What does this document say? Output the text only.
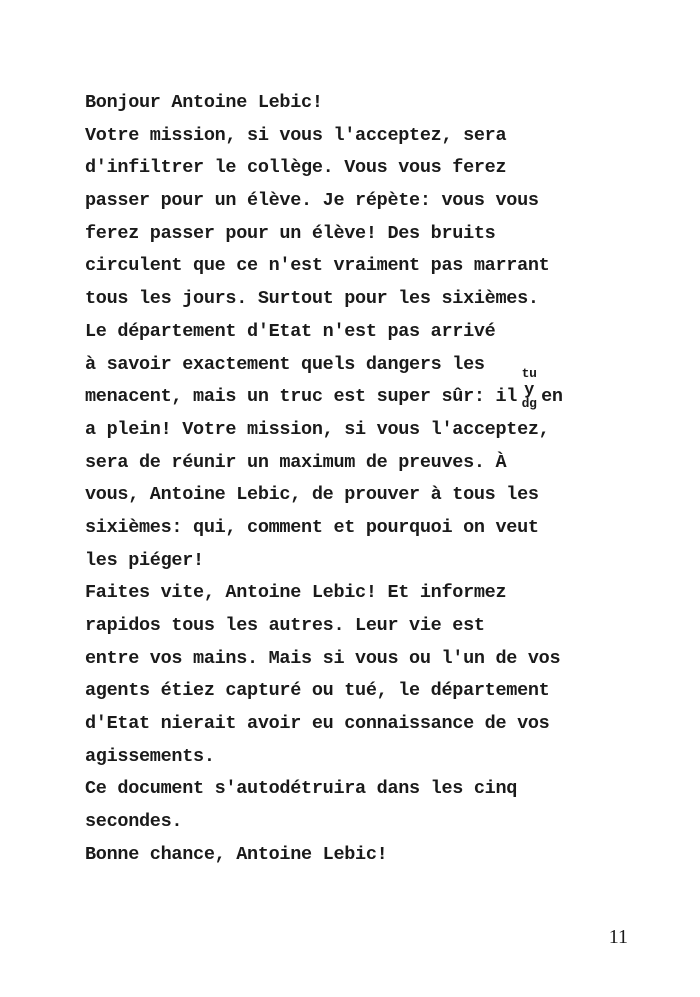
Bonjour Antoine Lebic!
Votre mission, si vous l'acceptez, sera
d'infiltrer le collège. Vous vous ferez
passer pour un élève. Je répète: vous vous
ferez passer pour un élève! Des bruits
circulent que ce n'est vraiment pas marrant
tous les jours. Surtout pour les sixièmes.
Le département d'Etat n'est pas arrivé
à savoir exactement quels dangers les
menacent, mais un truc est super sûr: il
tu
y
dg en
a plein! Votre mission, si vous l'acceptez,
sera de réunir un maximum de preuves. À
vous, Antoine Lebic, de prouver à tous les
sixièmes: qui, comment et pourquoi on veut
les piéger!
Faites vite, Antoine Lebic! Et informez
rapidos tous les autres. Leur vie est
entre vos mains. Mais si vous ou l'un de vos
agents étiez capturé ou tué, le département
d'Etat nierait avoir eu connaissance de vos
agissements.
Ce document s'autodétruira dans les cinq
secondes.
Bonne chance, Antoine Lebic!
11
